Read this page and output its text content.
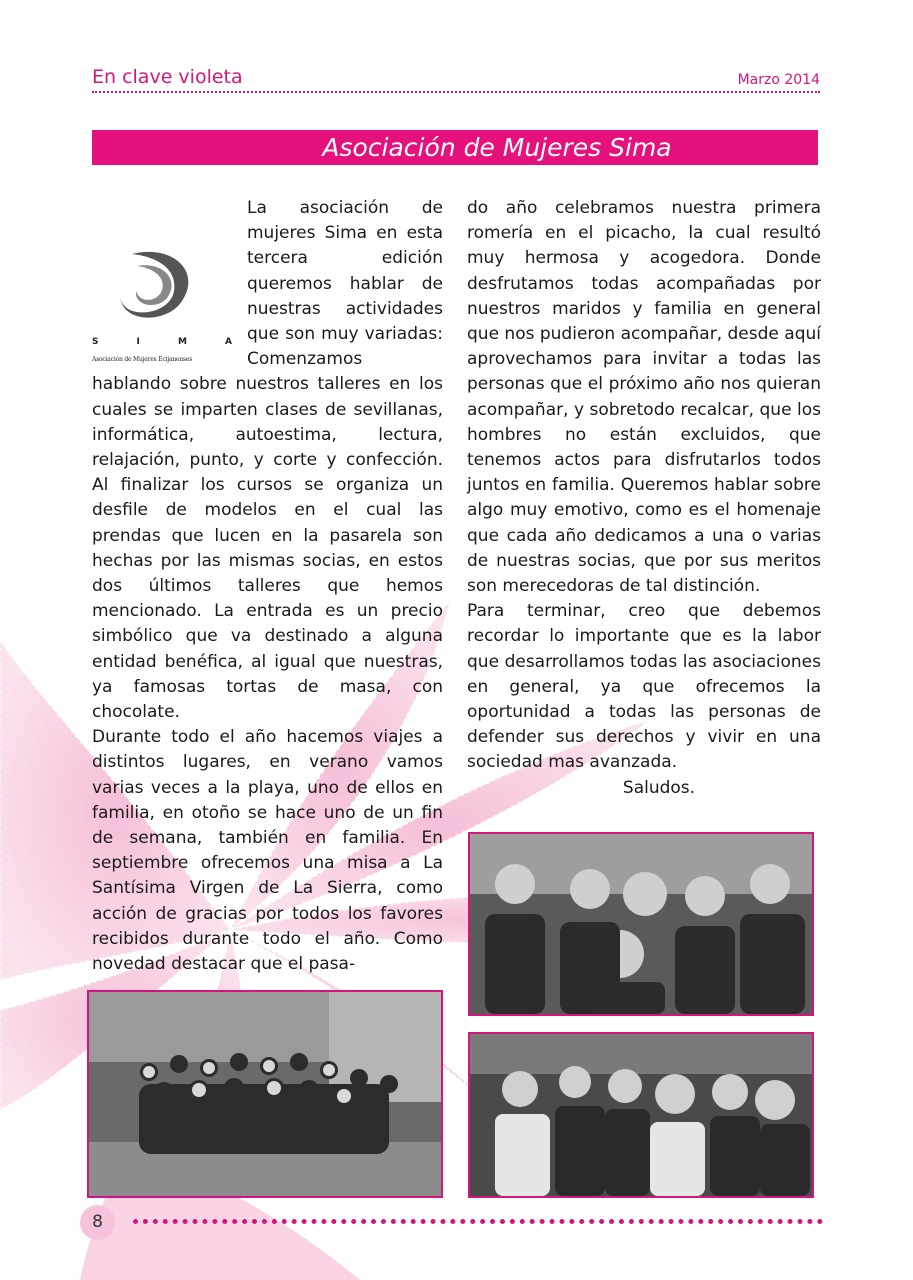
En clave violeta	Marzo 2014
Asociación de Mujeres Sima
S	I	M	A
Asociación de Mujeres Ecijanenses

La asociación de mujeres Sima en esta tercera edición queremos hablar de nuestras actividades que son muy variadas: Comenzamos hablando sobre nuestros talleres en los cuales se imparten clases de sevillanas, informática, autoestima, lectura, relajación, punto, y corte y confección. Al finalizar los cursos se organiza un desfile de modelos en el cual las prendas que lucen en la pasarela son hechas por las mismas socias, en estos dos últimos talleres que hemos mencionado. La entrada es un precio simbólico que va destinado a alguna entidad benéfica, al igual que nuestras, ya famosas tortas de masa, con chocolate.

Durante todo el año hacemos viajes a distintos lugares, en verano vamos varias veces a la playa, uno de ellos en familia, en otoño se hace uno de un fin de semana, también en familia. En septiembre ofrecemos una misa a La Santísima Virgen de La Sierra, como acción de gracias por todos los favores recibidos durante todo el año. Como novedad destacar que el pasa-

do año celebramos nuestra primera romería en el picacho, la cual resultó muy hermosa y acogedora. Donde desfrutamos todas acompañadas por nuestros maridos y familia en general que nos pudieron acompañar, desde aquí aprovechamos para invitar a todas las personas que el próximo año nos quieran acompañar, y sobretodo recalcar, que los hombres no están excluidos, que tenemos actos para disfrutarlos todos juntos en familia. Queremos hablar sobre algo muy emotivo, como es el homenaje que cada año dedicamos a una o varias de nuestras socias, que por sus meritos son merecedoras de tal distinción.

Para terminar, creo que debemos recordar lo importante que es la labor que desarrollamos todas las asociaciones en general, ya que ofrecemos la oportunidad a todas las personas de defender sus derechos y vivir en una sociedad mas avanzada.

Saludos.
8
